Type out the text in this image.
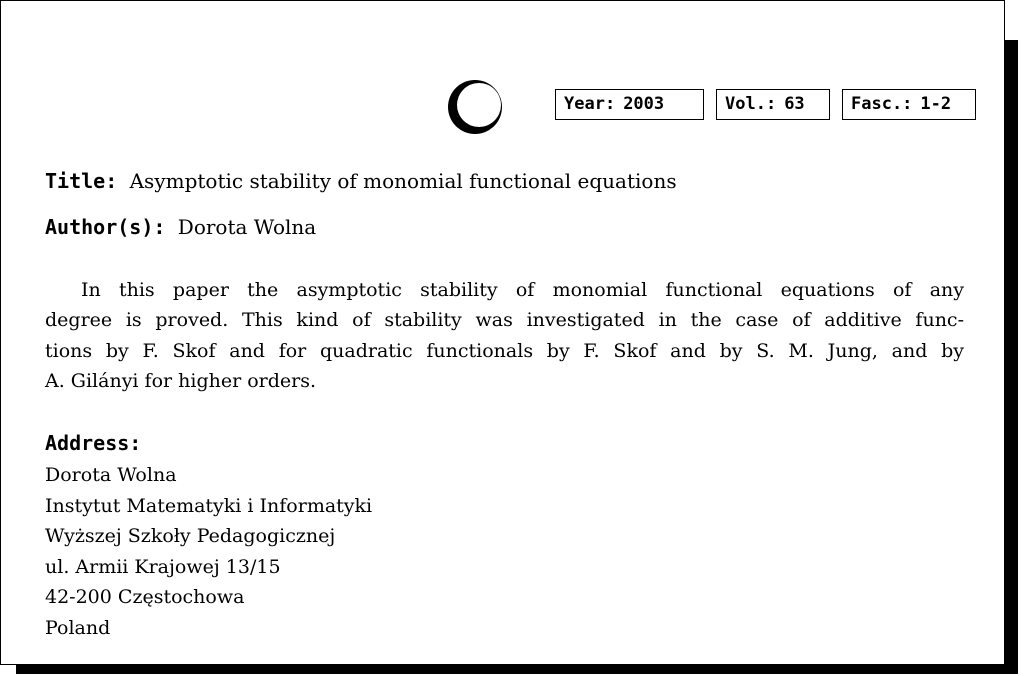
Year: 2003	Vol.: 63	Fasc.: 1-2
Title: Asymptotic stability of monomial functional equations
Author(s): Dorota Wolna
In this paper the asymptotic stability of monomial functional equations of any
degree is proved. This kind of stability was investigated in the case of additive func-
tions by F. Skof and for quadratic functionals by F. Skof and by S. M. Jung, and by
A. Gilányi for higher orders.
Address:
Dorota Wolna
Instytut Matematyki i Informatyki
Wyższej Szkoły Pedagogicznej
ul. Armii Krajowej 13/15
42-200 Częstochowa
Poland
